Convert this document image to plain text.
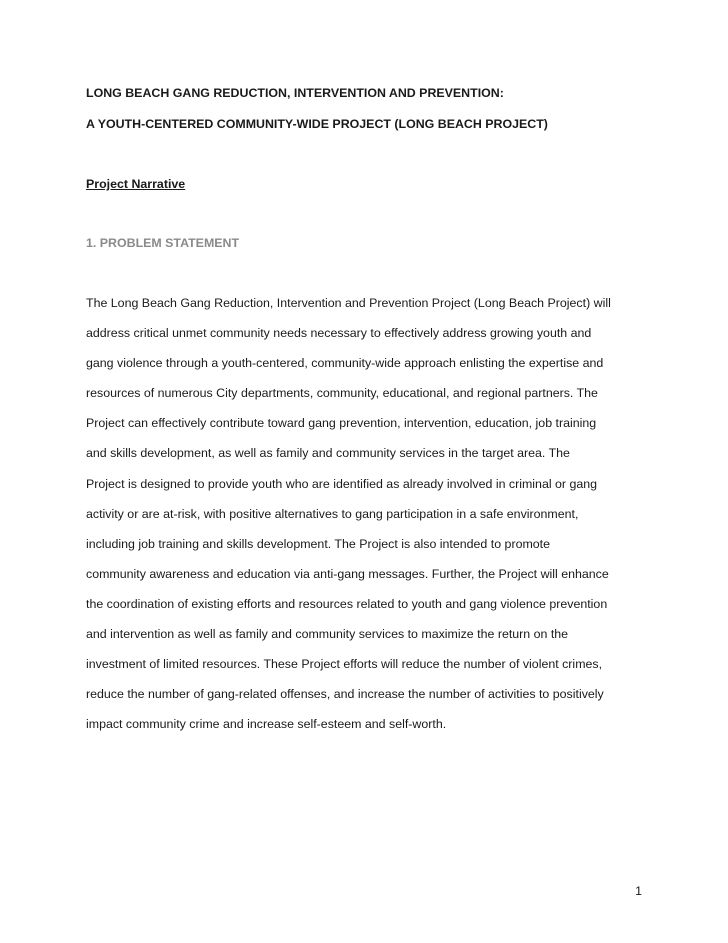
LONG BEACH GANG REDUCTION, INTERVENTION AND PREVENTION:
A YOUTH-CENTERED COMMUNITY-WIDE PROJECT (LONG BEACH PROJECT)
Project Narrative
1. PROBLEM STATEMENT
The Long Beach Gang Reduction, Intervention and Prevention Project (Long Beach Project) will
address critical unmet community needs necessary to effectively address growing youth and
gang violence through a youth-centered, community-wide approach enlisting the expertise and
resources of numerous City departments, community, educational, and regional partners. The
Project can effectively contribute toward gang prevention, intervention, education, job training
and skills development, as well as family and community services in the target area. The
Project is designed to provide youth who are identified as already involved in criminal or gang
activity or are at-risk, with positive alternatives to gang participation in a safe environment,
including job training and skills development. The Project is also intended to promote
community awareness and education via anti-gang messages. Further, the Project will enhance
the coordination of existing efforts and resources related to youth and gang violence prevention
and intervention as well as family and community services to maximize the return on the
investment of limited resources. These Project efforts will reduce the number of violent crimes,
reduce the number of gang-related offenses, and increase the number of activities to positively
impact community crime and increase self-esteem and self-worth.
1
